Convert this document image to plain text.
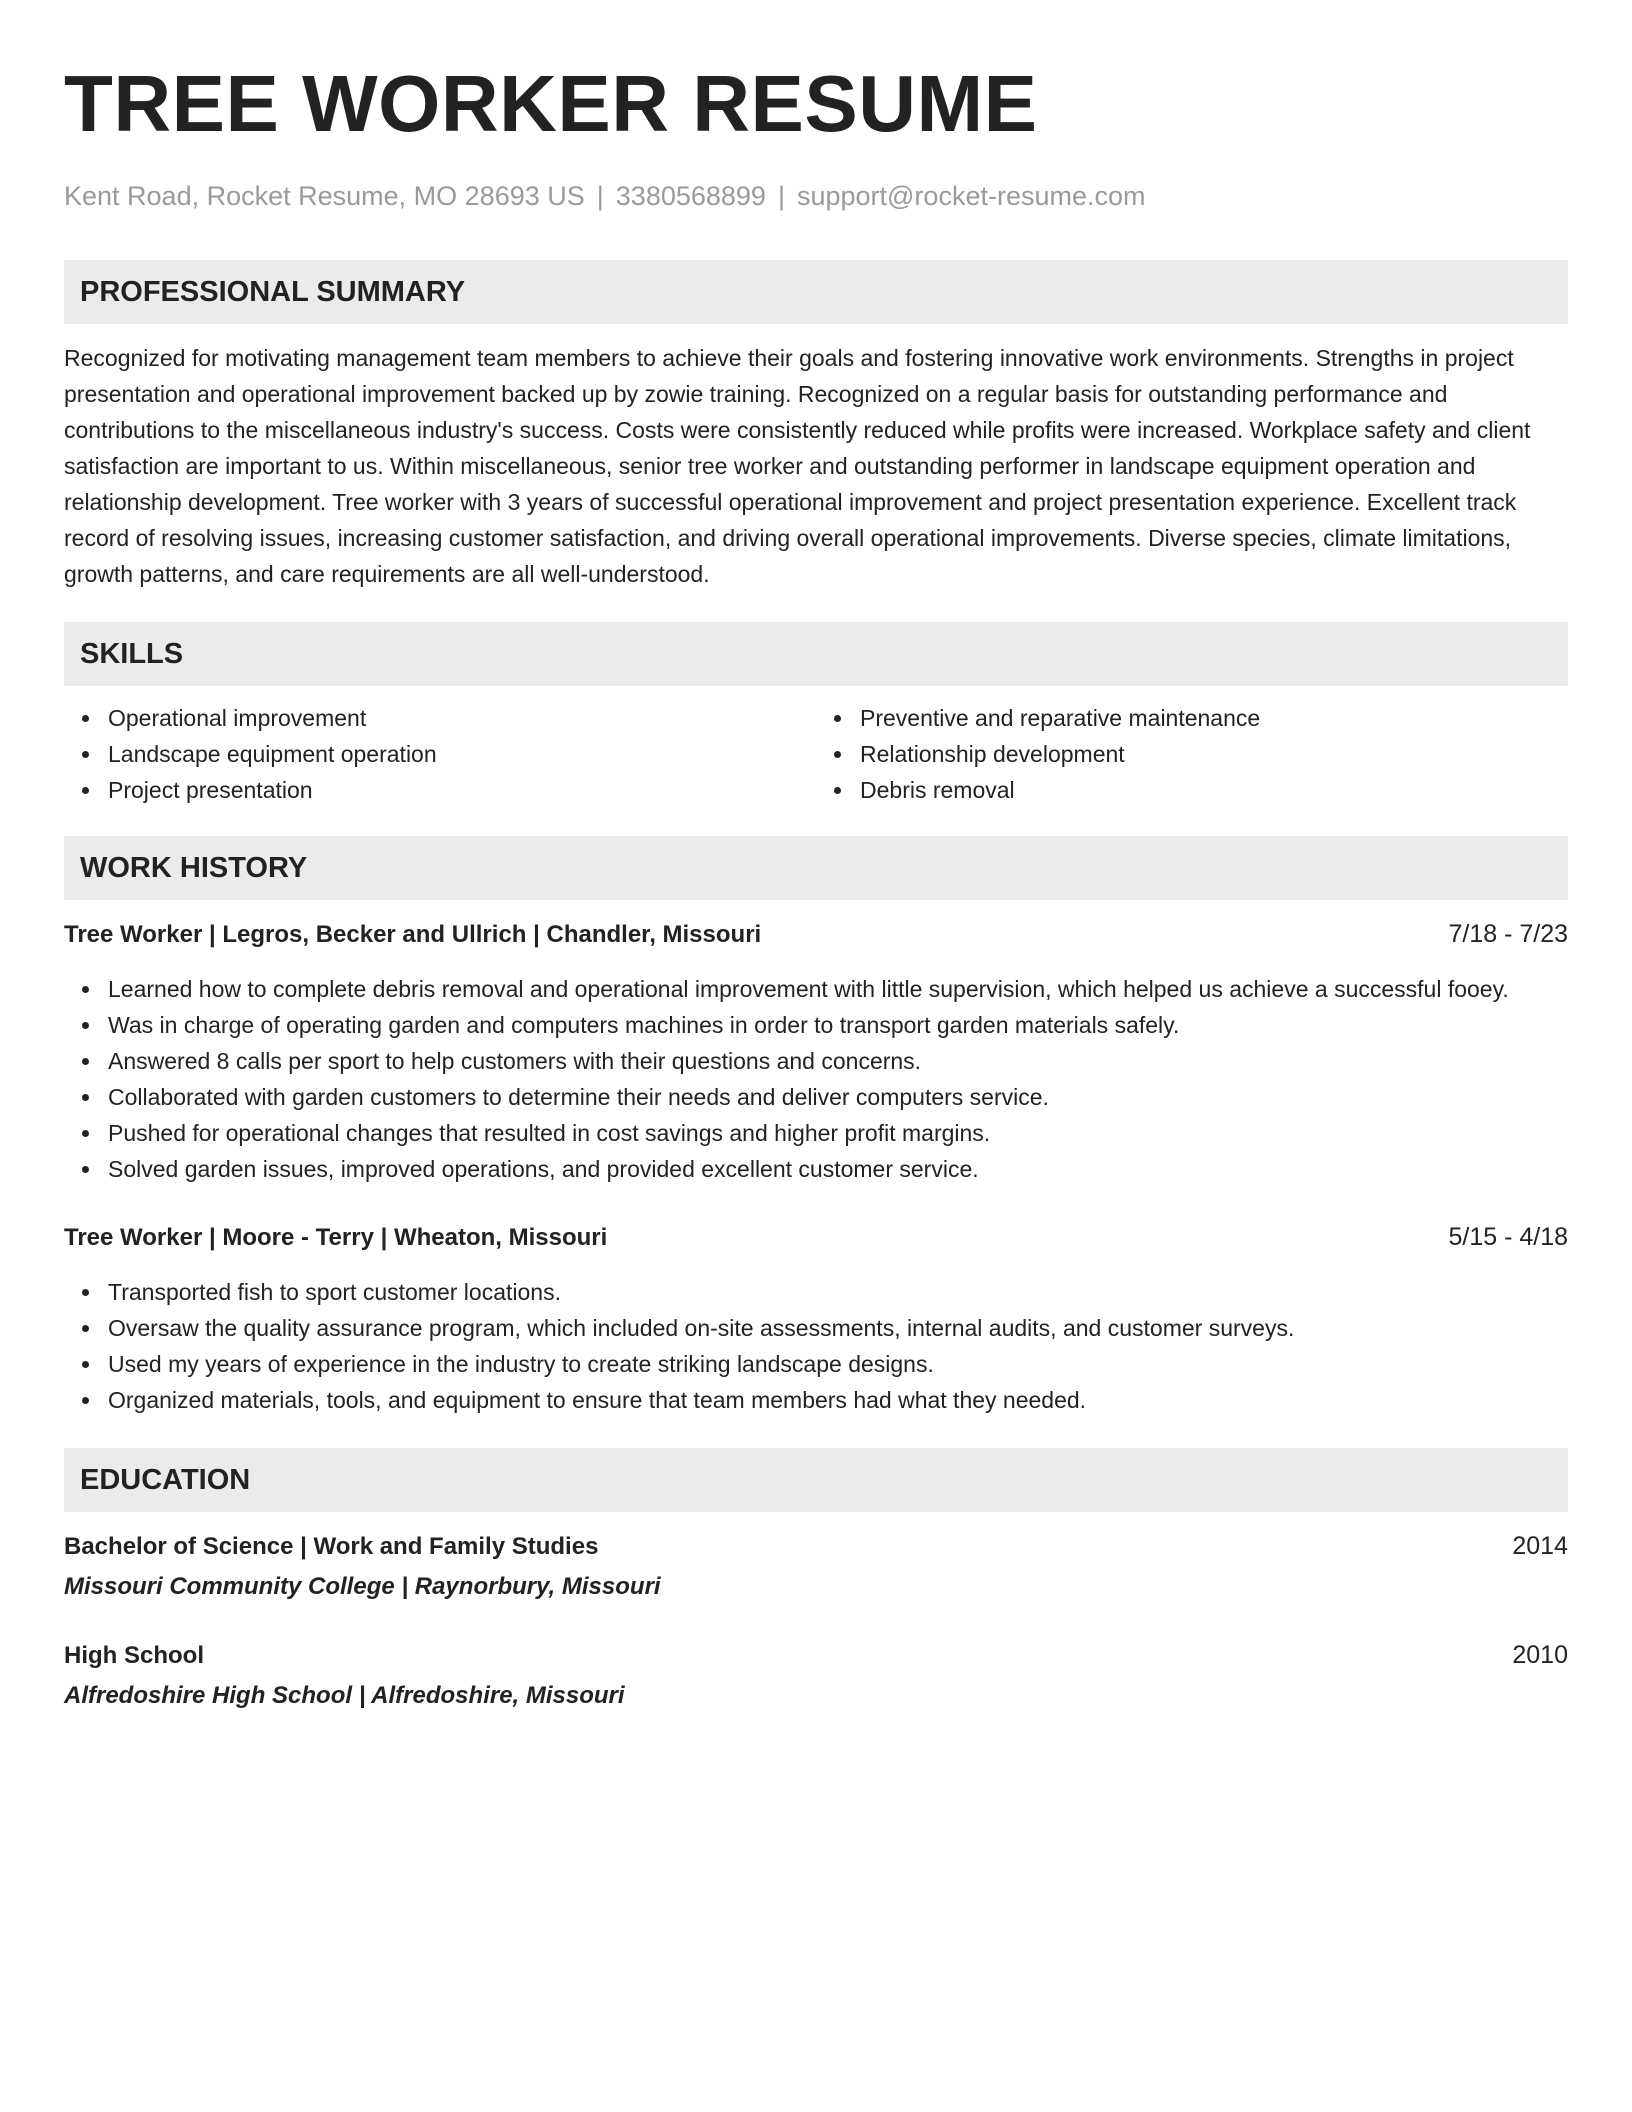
TREE WORKER RESUME
Kent Road, Rocket Resume, MO 28693 US | 3380568899 | support@rocket-resume.com
PROFESSIONAL SUMMARY

Recognized for motivating management team members to achieve their goals and fostering innovative work environments. Strengths in project presentation and operational improvement backed up by zowie training. Recognized on a regular basis for outstanding performance and contributions to the miscellaneous industry's success. Costs were consistently reduced while profits were increased. Workplace safety and client satisfaction are important to us. Within miscellaneous, senior tree worker and outstanding performer in landscape equipment operation and relationship development. Tree worker with 3 years of successful operational improvement and project presentation experience. Excellent track record of resolving issues, increasing customer satisfaction, and driving overall operational improvements. Diverse species, climate limitations, growth patterns, and care requirements are all well-understood.

SKILLS
Operational improvement
Landscape equipment operation
Project presentation
Preventive and reparative maintenance
Relationship development
Debris removal
WORK HISTORY
Tree Worker | Legros, Becker and Ullrich | Chandler, Missouri	7/18 - 7/23
Learned how to complete debris removal and operational improvement with little supervision, which helped us achieve a successful fooey.
Was in charge of operating garden and computers machines in order to transport garden materials safely.
Answered 8 calls per sport to help customers with their questions and concerns.
Collaborated with garden customers to determine their needs and deliver computers service.
Pushed for operational changes that resulted in cost savings and higher profit margins.
Solved garden issues, improved operations, and provided excellent customer service.
Tree Worker | Moore - Terry | Wheaton, Missouri	5/15 - 4/18
Transported fish to sport customer locations.
Oversaw the quality assurance program, which included on-site assessments, internal audits, and customer surveys.
Used my years of experience in the industry to create striking landscape designs.
Organized materials, tools, and equipment to ensure that team members had what they needed.
EDUCATION
Bachelor of Science | Work and Family Studies	2014
Missouri Community College | Raynorbury, Missouri
High School	2010
Alfredoshire High School | Alfredoshire, Missouri
